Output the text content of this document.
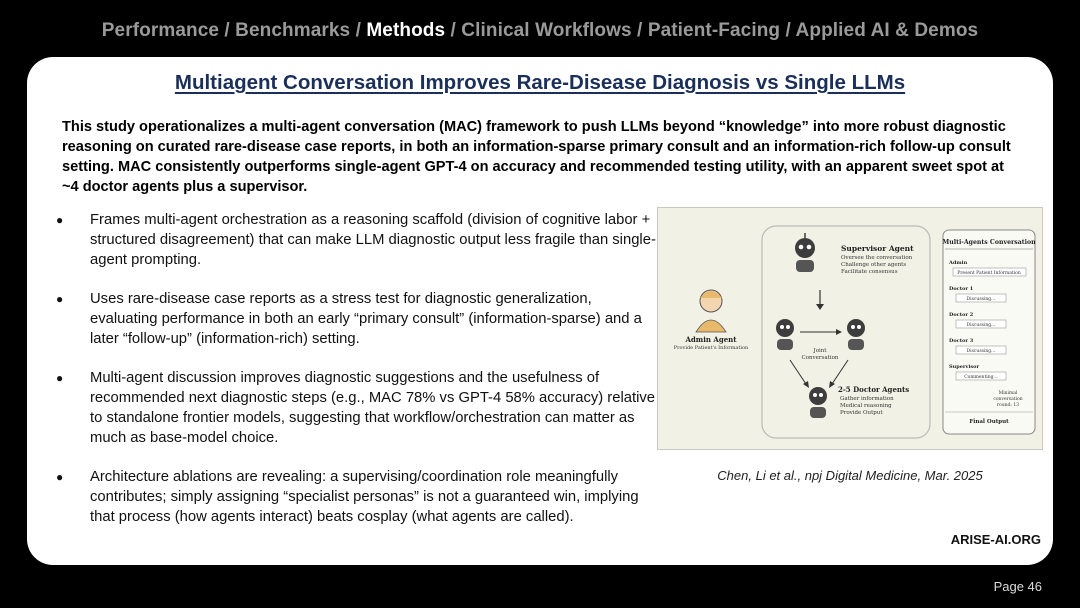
Performance / Benchmarks / Methods / Clinical Workflows / Patient-Facing / Applied AI & Demos
Multiagent Conversation Improves Rare-Disease Diagnosis vs Single LLMs
This study operationalizes a multi-agent conversation (MAC) framework to push LLMs beyond “knowledge” into more robust diagnostic reasoning on curated rare-disease case reports, in both an information-sparse primary consult and an information-rich follow-up consult setting. MAC consistently outperforms single-agent GPT-4 on accuracy and recommended testing utility, with an apparent sweet spot at ~4 doctor agents plus a supervisor.
● Frames multi-agent orchestration as a reasoning scaffold (division of cognitive labor + structured disagreement) that can make LLM diagnostic output less fragile than single-agent prompting.
● Uses rare-disease case reports as a stress test for diagnostic generalization, evaluating performance in both an early “primary consult” (information-sparse) and a later “follow-up” (information-rich) setting.
● Multi-agent discussion improves diagnostic suggestions and the usefulness of recommended next diagnostic steps (e.g., MAC 78% vs GPT-4 58% accuracy) relative to standalone frontier models, suggesting that workflow/orchestration can matter as much as base-model choice.
● Architecture ablations are revealing: a supervising/coordination role meaningfully contributes; simply assigning “specialist personas” is not a guaranteed win, implying that process (how agents interact) beats cosplay (what agents are called).
Supervisor Agent
Oversee the conversation
Challenge other agents
Facilitate consensus
Joint
Conversation
2-5 Doctor Agents
Gather information
Medical reasoning
Provide Output
Admin Agent
Provide Patient's Information
Multi-Agents Conversation
Admin
Present Patient Information
Doctor 1
Discussing...
Doctor 2
Discussing...
Doctor 3
Discussing...
Supervisor
Commenting...
Minimal
conversation
round: 13
Final Output
Chen, Li et al., npj Digital Medicine, Mar. 2025
ARISE-AI.ORG
Page 46
